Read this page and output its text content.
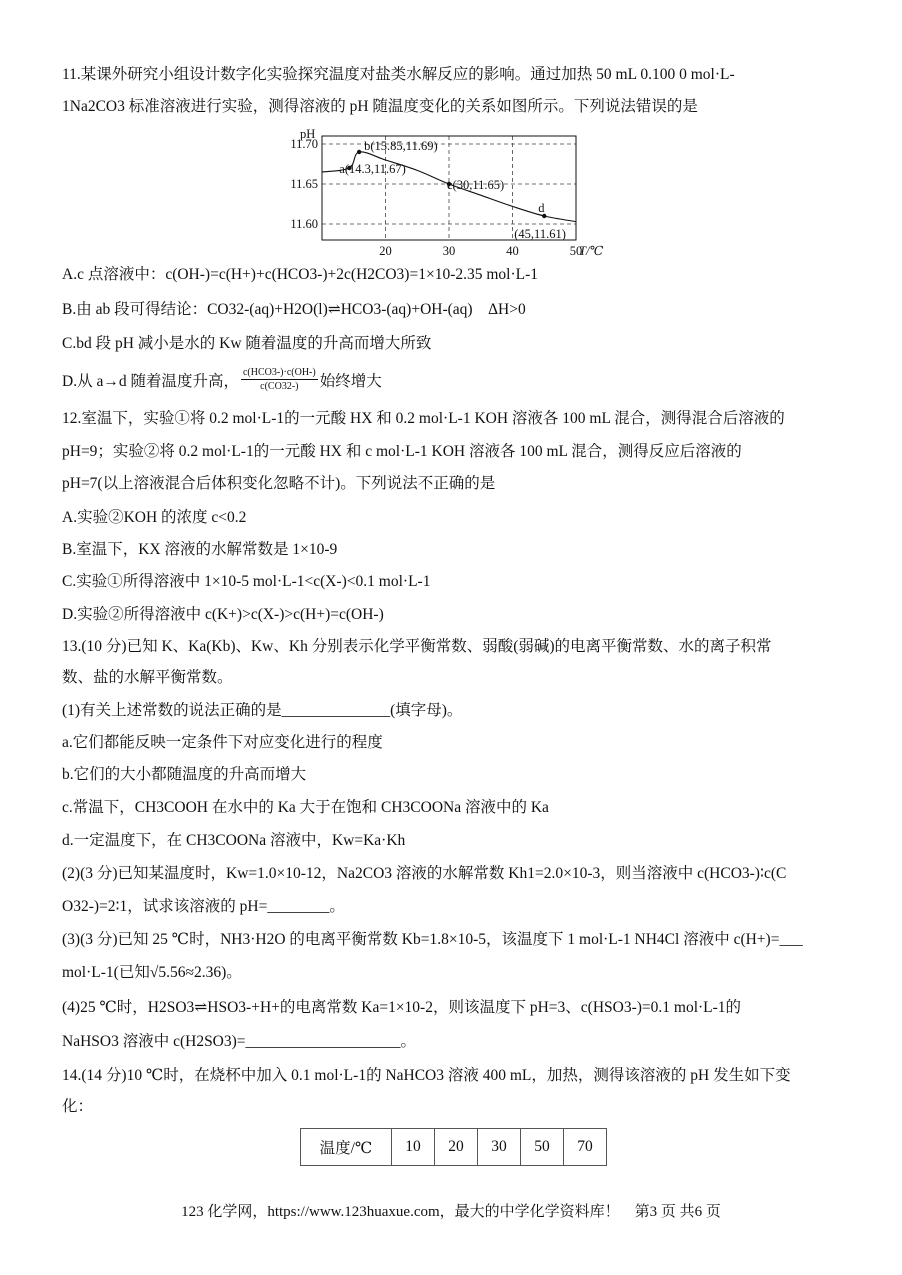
11.某课外研究小组设计数字化实验探究温度对盐类水解反应的影响。通过加热 50 mL 0.100 0 mol·L-
1Na2CO3 标准溶液进行实验，测得溶液的 pH 随温度变化的关系如图所示。下列说法错误的是
11.70
11.65
11.60
20	30	40	50
a(14.3,11.67)
b(15.85,11.69)
c(30,11.65)
d
pH
T/℃
(45,11.61)
A.c 点溶液中：c(OH-)=c(H+)+c(HCO3-)+2c(H2CO3)=1×10-2.35 mol·L-1
B.由 ab 段可得结论：CO32-(aq)+H2O(l)⇌HCO3-(aq)+OH-(aq)　ΔH>0
C.bd 段 pH 减小是水的 Kw 随着温度的升高而增大所致
D.从 a→d 随着温度升高， c(HCO3-)·c(OH-)
c(CO32-) 始终增大
12.室温下，实验①将 0.2 mol·L-1的一元酸 HX 和 0.2 mol·L-1 KOH 溶液各 100 mL 混合，测得混合后溶液的
pH=9；实验②将 0.2 mol·L-1的一元酸 HX 和 c mol·L-1 KOH 溶液各 100 mL 混合，测得反应后溶液的
pH=7(以上溶液混合后体积变化忽略不计)。下列说法不正确的是
A.实验②KOH 的浓度 c<0.2
B.室温下，KX 溶液的水解常数是 1×10-9
C.实验①所得溶液中 1×10-5 mol·L-1<c(X-)<0.1 mol·L-1
D.实验②所得溶液中 c(K+)>c(X-)>c(H+)=c(OH-)
13.(10 分)已知 K、Ka(Kb)、Kw、Kh 分别表示化学平衡常数、弱酸(弱碱)的电离平衡常数、水的离子积常
数、盐的水解平衡常数。
(1)有关上述常数的说法正确的是______________(填字母)。
a.它们都能反映一定条件下对应变化进行的程度
b.它们的大小都随温度的升高而增大
c.常温下，CH3COOH 在水中的 Ka 大于在饱和 CH3COONa 溶液中的 Ka
d.一定温度下，在 CH3COONa 溶液中，Kw=Ka·Kh
(2)(3 分)已知某温度时，Kw=1.0×10-12，Na2CO3 溶液的水解常数 Kh1=2.0×10-3，则当溶液中 c(HCO3-)∶c(C
O32-)=2∶1，试求该溶液的 pH=________。
(3)(3 分)已知 25 ℃时，NH3·H2O 的电离平衡常数 Kb=1.8×10-5，该温度下 1 mol·L-1 NH4Cl 溶液中 c(H+)=___
mol·L-1(已知√5.56≈2.36)。
(4)25 ℃时，H2SO3⇌HSO3-+H+的电离常数 Ka=1×10-2，则该温度下 pH=3、c(HSO3-)=0.1 mol·L-1的
NaHSO3 溶液中 c(H2SO3)=____________________。
14.(14 分)10 ℃时，在烧杯中加入 0.1 mol·L-1的 NaHCO3 溶液 400 mL，加热，测得该溶液的 pH 发生如下变
化：
温度/℃	10	20	30	50	70
123 化学网，https://www.123huaxue.com，最大的中学化学资料库！　第3 页 共6 页
